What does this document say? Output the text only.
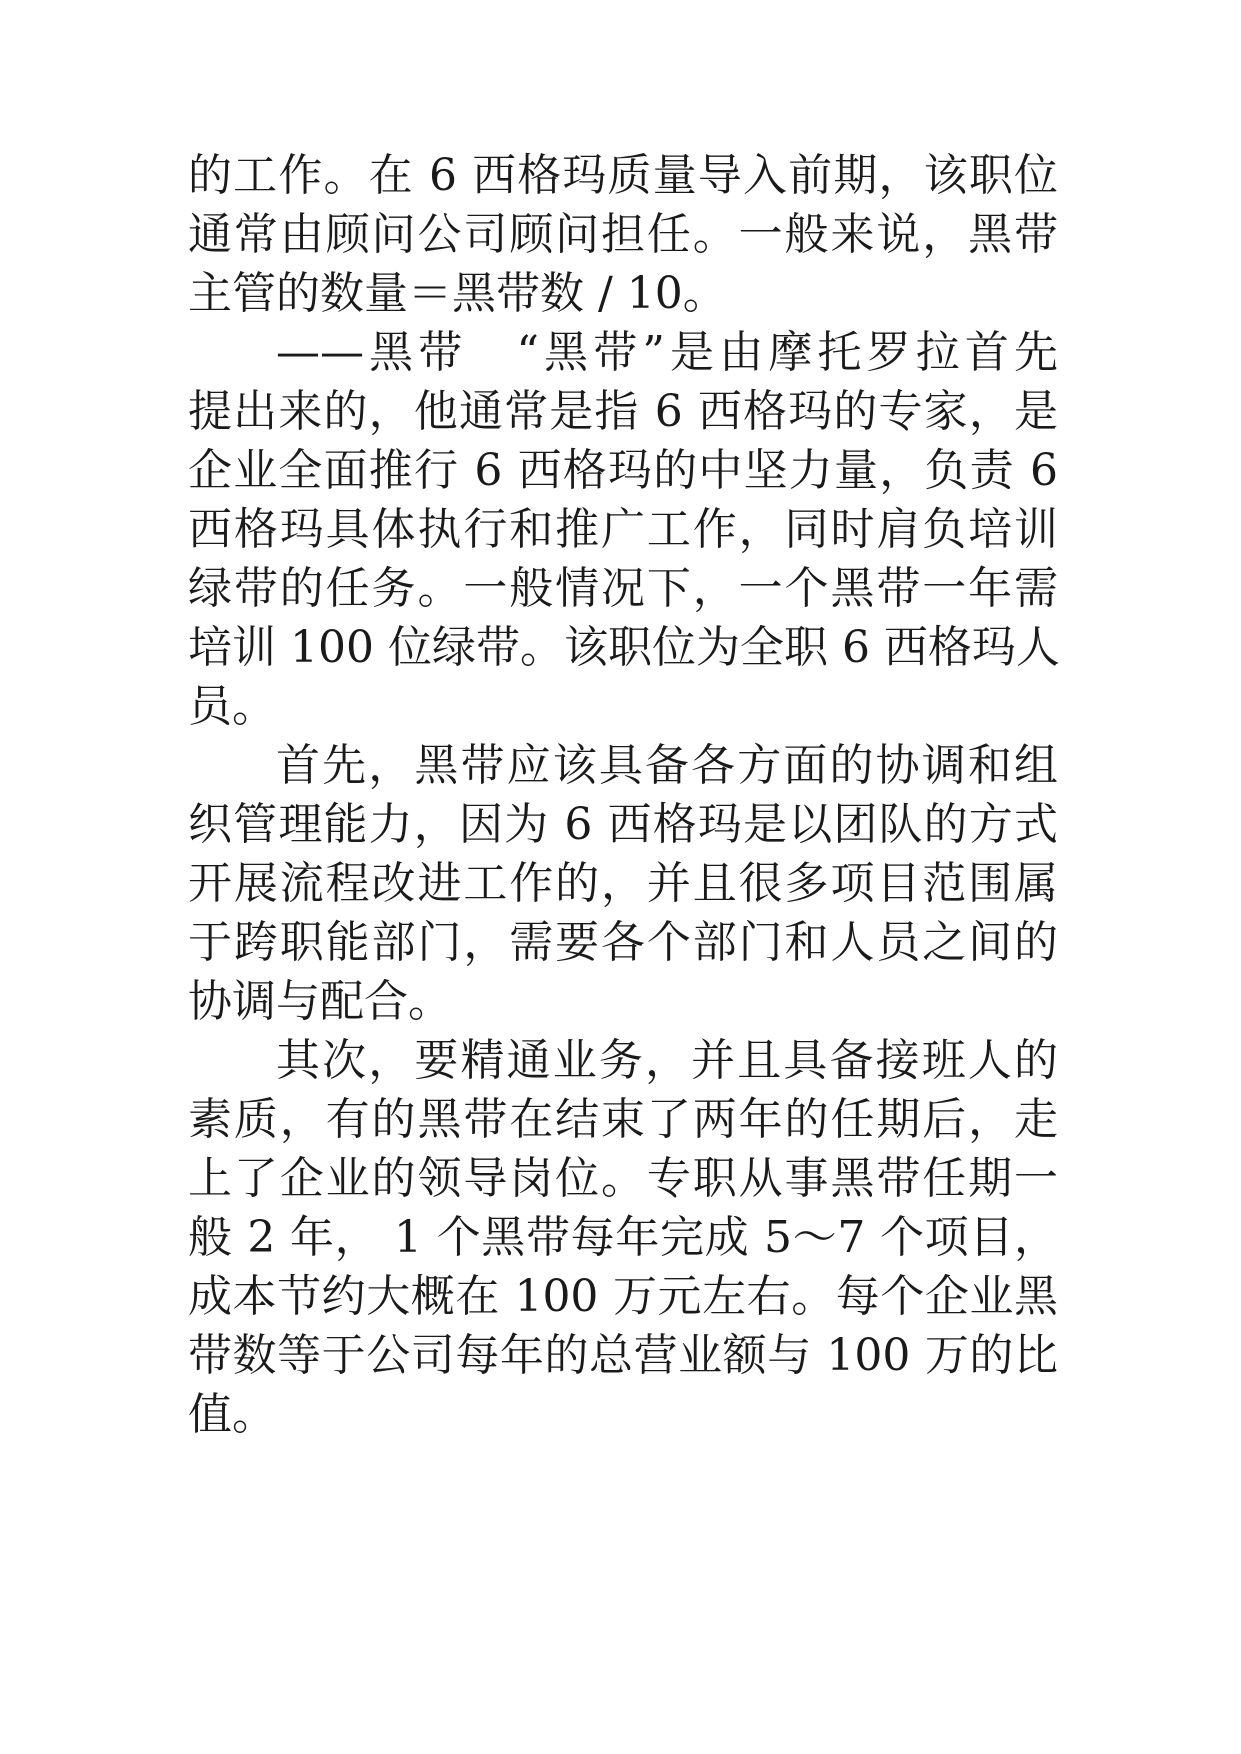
的工作。在 6 西格玛质量导入前期，该职位
通常由顾问公司顾问担任。一般来说，黑带
主管的数量＝黑带数 / 10。
——黑带　“黑带”是由摩托罗拉首先
提出来的，他通常是指 6 西格玛的专家，是
企业全面推行 6 西格玛的中坚力量，负责 6
西格玛具体执行和推广工作，同时肩负培训
绿带的任务。一般情况下，一个黑带一年需
培训 100 位绿带。该职位为全职 6 西格玛人
员。
首先，黑带应该具备各方面的协调和组
织管理能力，因为 6 西格玛是以团队的方式
开展流程改进工作的，并且很多项目范围属
于跨职能部门，需要各个部门和人员之间的
协调与配合。
其次，要精通业务，并且具备接班人的
素质，有的黑带在结束了两年的任期后，走
上了企业的领导岗位。专职从事黑带任期一
般 2 年， 1 个黑带每年完成 5～7 个项目，
成本节约大概在 100 万元左右。每个企业黑
带数等于公司每年的总营业额与 100 万的比
值。
